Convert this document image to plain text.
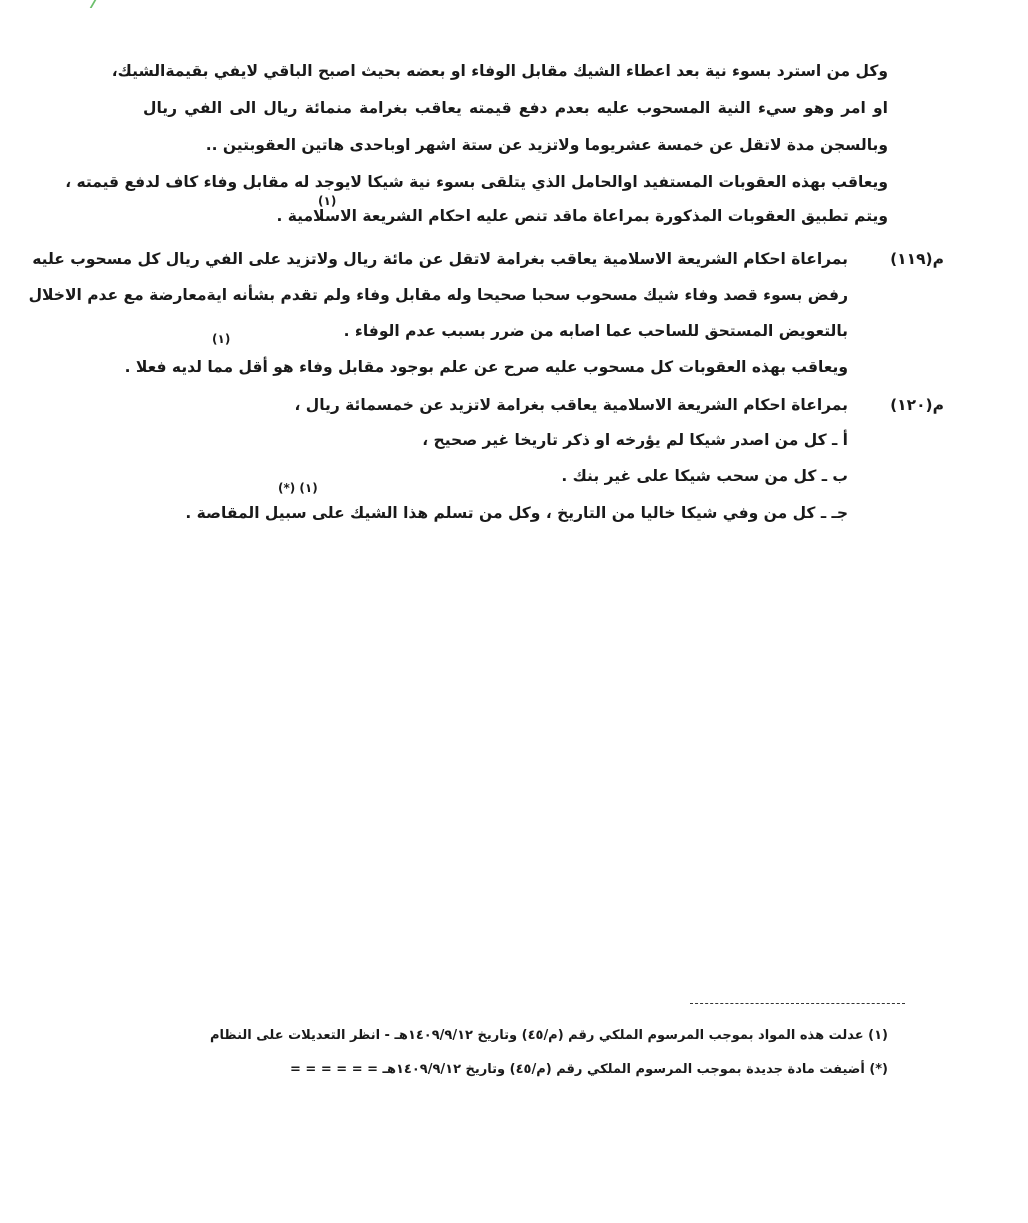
وكل من استرد بسوء نية بعد اعطاء الشيك مقابل الوفاء او بعضه بحيث اصبح الباقي لايفي بقيمةالشيك،
او امر وهو سيء النية المسحوب عليه بعدم دفع قيمته يعاقب بغرامة منمائة ريال الى الفي ريال
وبالسجن مدة لاتقل عن خمسة عشريوما ولاتزيد عن ستة اشهر اوباحدى هاتين العقوبتين ..
ويعاقب بهذه العقوبات المستفيد اوالحامل الذي يتلقى بسوء نية شيكا لايوجد له مقابل وفاء كاف لدفع قيمته ،
(١)
ويتم تطبيق العقوبات المذكورة بمراعاة ماقد تنص عليه احكام الشريعة الاسلامية .
م(١١٩)
بمراعاة احكام الشريعة الاسلامية يعاقب بغرامة لاتقل عن مائة ريال ولاتزيد على الفي ريال كل مسحوب عليه
رفض بسوء قصد وفاء شيك مسحوب سحبا صحيحا وله مقابل وفاء ولم تقدم بشأنه ايةمعارضة مع عدم الاخلال
(١)	بالتعويض المستحق للساحب عما اصابه من ضرر بسبب عدم الوفاء .
ويعاقب بهذه العقوبات كل مسحوب عليه صرح عن علم بوجود مقابل وفاء هو أقل مما لديه فعلا .
م(١٢٠)
بمراعاة احكام الشريعة الاسلامية يعاقب بغرامة لاتزيد عن خمسمائة ريال ،
أ ـ كل من اصدر شيكا لم يؤرخه او ذكر تاريخا غير صحيح ،
ب ـ كل من سحب شيكا على غير بنك .
(١) (*)
جـ ـ كل من وفي شيكا خاليا من التاريخ ، وكل من تسلم هذا الشيك على سبيل المقاصة .
(١) عدلت هذه المواد بموجب المرسوم الملكي رقم (م/٤٥) وتاريخ ١٤٠٩/٩/١٢هـ - انظر التعديلات على النظام
(*) أضيفت مادة جديدة بموجب المرسوم الملكي رقم (م/٤٥) وتاريخ ١٤٠٩/٩/١٢هـ = = = = = =
